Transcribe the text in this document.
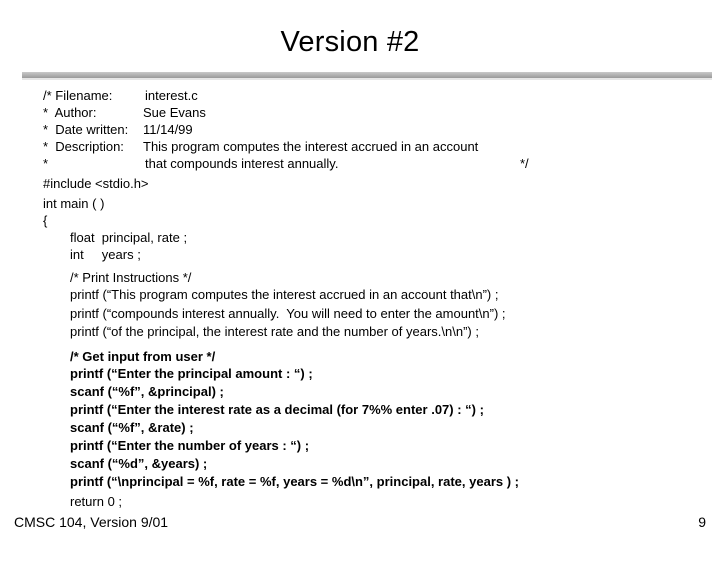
Version #2

/* Filename:

	interest.c

*  Author:

	Sue Evans

*  Date written:

11/14/99

*  Description:

This program computes the interest accrued in an account

*

	that compounds interest annually.

	*/

#include <stdio.h>

int main ( )

{

float  principal, rate ;

int     years ;

/* Print Instructions */

printf (“This program computes the interest accrued in an account that\n”) ;

printf (“compounds interest annually.  You will need to enter the amount\n”) ;

printf (“of the principal, the interest rate and the number of years.\n\n”) ;

/* Get input from user */

printf (“Enter the principal amount : “) ;

scanf (“%f”, &principal) ;

printf (“Enter the interest rate as a decimal (for 7%% enter .07) : “) ;

scanf (“%f”, &rate) ;

printf (“Enter the number of years : “) ;

scanf (“%d”, &years) ;

printf (“\nprincipal = %f, rate = %f, years = %d\n”, principal, rate, years ) ;

return 0 ;

CMSC 104, Version 9/01	9
